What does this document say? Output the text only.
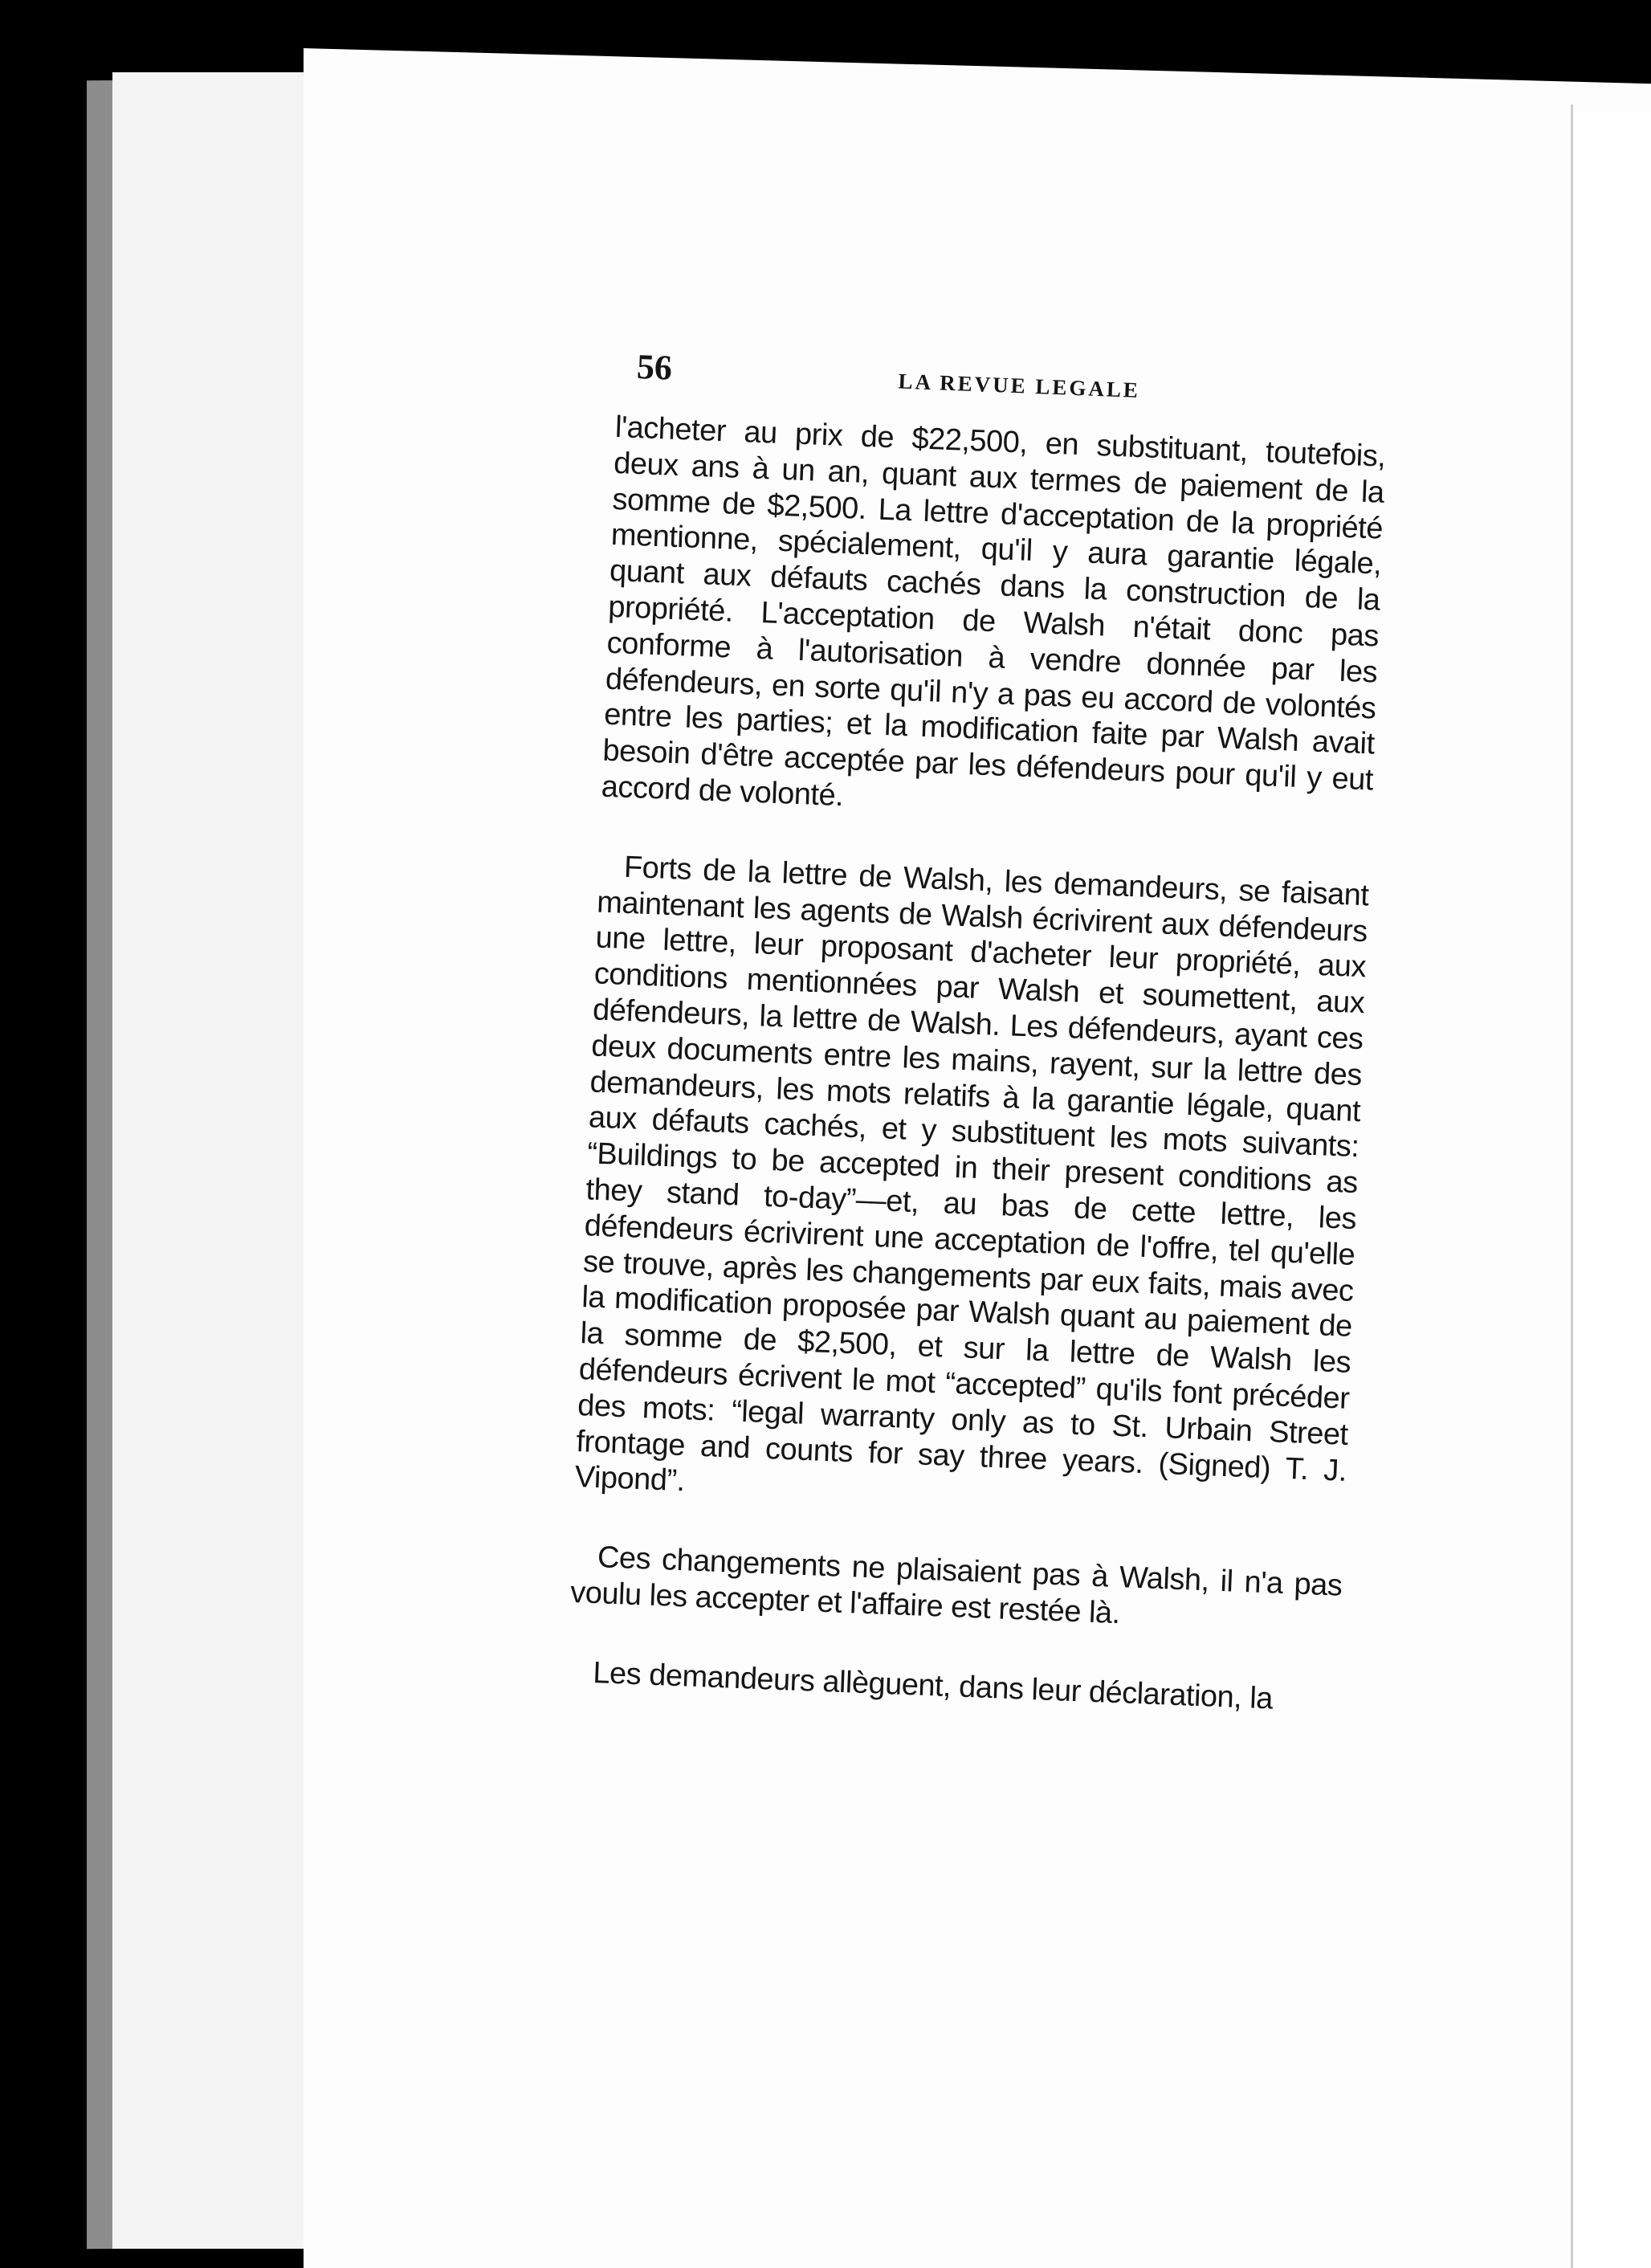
56	LA REVUE LEGALE

l'acheter au prix de $22,500, en substituant, toutefois, deux ans à un an, quant aux termes de paiement de la somme de $2,500. La lettre d'acceptation de la propriété mentionne, spécialement, qu'il y aura garantie légale, quant aux défauts cachés dans la construction de la propriété. L'acceptation de Walsh n'était donc pas conforme à l'autorisation à vendre donnée par les défendeurs, en sorte qu'il n'y a pas eu accord de volontés entre les parties; et la modification faite par Walsh avait besoin d'être acceptée par les défendeurs pour qu'il y eut accord de volonté.

Forts de la lettre de Walsh, les demandeurs, se faisant maintenant les agents de Walsh écrivirent aux défendeurs une lettre, leur proposant d'acheter leur propriété, aux conditions mentionnées par Walsh et soumettent, aux défendeurs, la lettre de Walsh. Les défendeurs, ayant ces deux documents entre les mains, rayent, sur la lettre des demandeurs, les mots relatifs à la garantie légale, quant aux défauts cachés, et y substituent les mots suivants: “Buildings to be accepted in their present conditions as they stand to-day”—et, au bas de cette lettre, les défendeurs écrivirent une acceptation de l'offre, tel qu'elle se trouve, après les changements par eux faits, mais avec la modification proposée par Walsh quant au paiement de la somme de $2,500, et sur la lettre de Walsh les défendeurs écrivent le mot “accepted” qu'ils font précéder des mots: “legal warranty only as to St. Urbain Street frontage and counts for say three years. (Signed) T. J. Vipond”.

Ces changements ne plaisaient pas à Walsh, il n'a pas voulu les accepter et l'affaire est restée là.

Les demandeurs allèguent, dans leur déclaration, la
